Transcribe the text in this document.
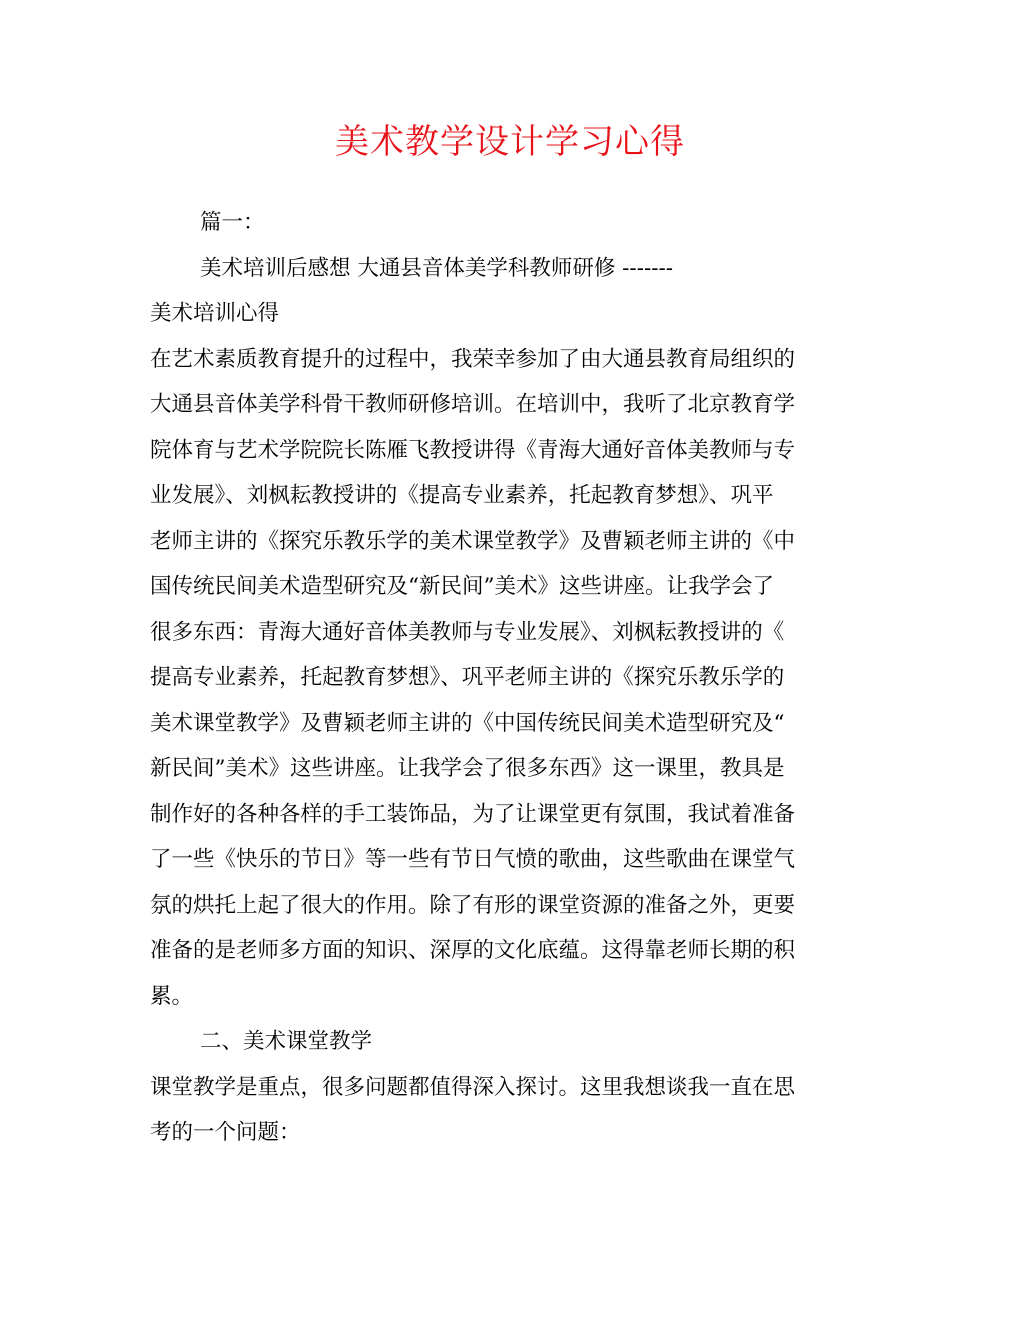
美术教学设计学习心得
篇一：
美术培训后感想 大通县音体美学科教师研修 -------
美术培训心得
在艺术素质教育提升的过程中，我荣幸参加了由大通县教育局组织的
大通县音体美学科骨干教师研修培训。在培训中，我听了北京教育学
院体育与艺术学院院长陈雁飞教授讲得《青海大通好音体美教师与专
业发展》、刘枫耘教授讲的《提高专业素养，托起教育梦想》、巩平
老师主讲的《探究乐教乐学的美术课堂教学》及曹颖老师主讲的《中
国传统民间美术造型研究及“新民间”美术》这些讲座。让我学会了
很多东西：青海大通好音体美教师与专业发展》、刘枫耘教授讲的《
提高专业素养，托起教育梦想》、巩平老师主讲的《探究乐教乐学的
美术课堂教学》及曹颖老师主讲的《中国传统民间美术造型研究及“
新民间”美术》这些讲座。让我学会了很多东西》这一课里，教具是
制作好的各种各样的手工装饰品，为了让课堂更有氛围，我试着准备
了一些《快乐的节日》等一些有节日气愤的歌曲，这些歌曲在课堂气
氛的烘托上起了很大的作用。除了有形的课堂资源的准备之外，更要
准备的是老师多方面的知识、深厚的文化底蕴。这得靠老师长期的积
累。
二、美术课堂教学
课堂教学是重点，很多问题都值得深入探讨。这里我想谈我一直在思
考的一个问题：
